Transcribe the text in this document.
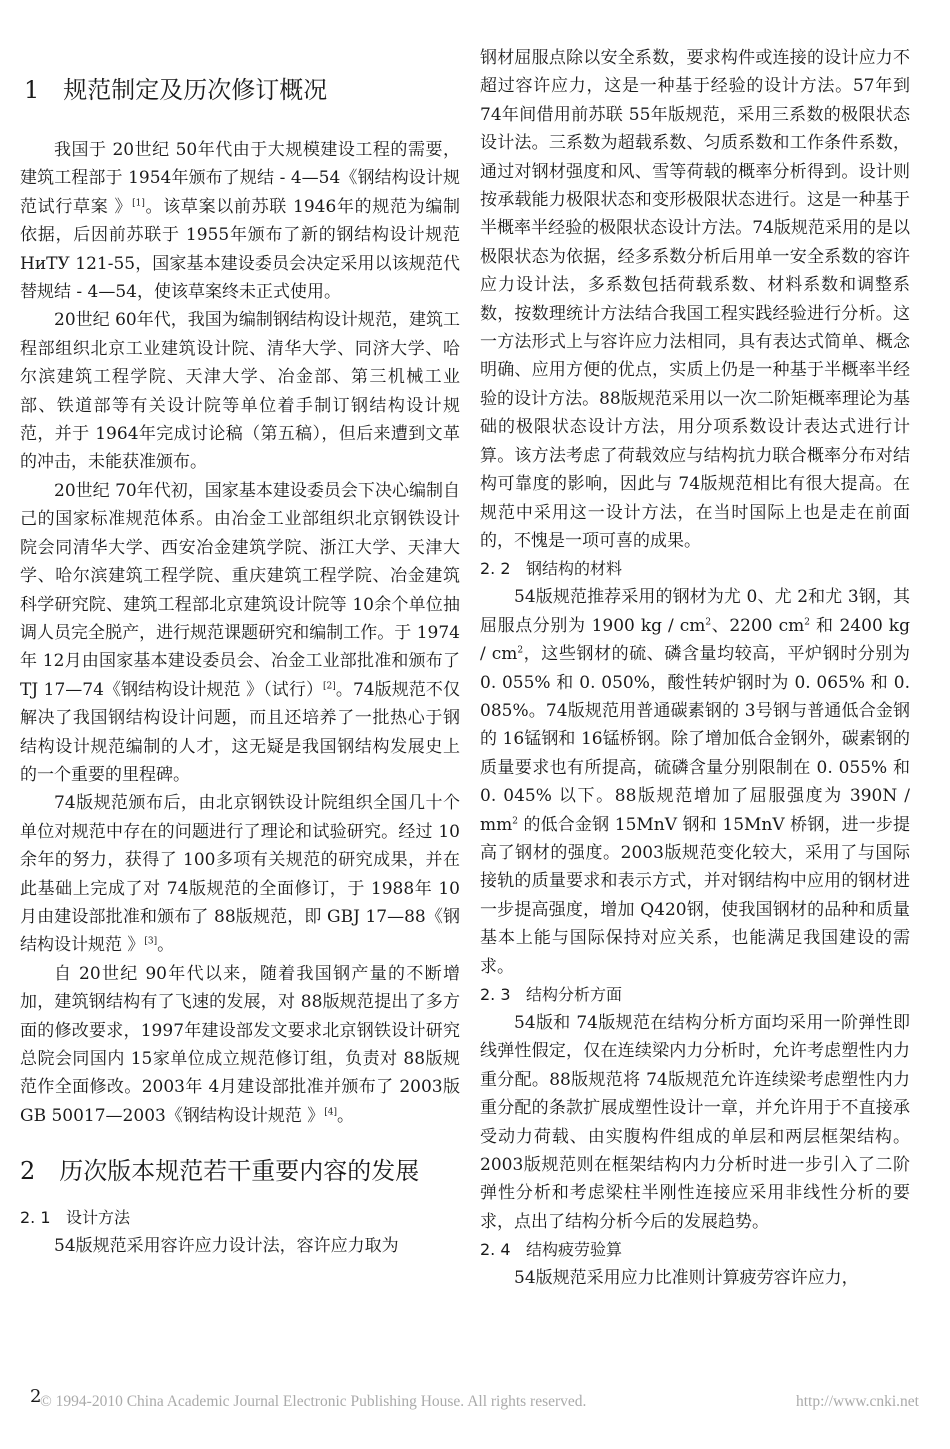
1　规范制定及历次修订概况

我国于 20世纪 50年代由于大规模建设工程的需要，建筑工程部于 1954年颁布了规结 - 4—54《钢结构设计规范试行草案 》[1]。该草案以前苏联 1946年的规范为编制依据，后因前苏联于 1955年颁布了新的钢结构设计规范 НиТУ 121-55，国家基本建设委员会决定采用以该规范代替规结 - 4—54，使该草案终未正式使用。

20世纪 60年代，我国为编制钢结构设计规范，建筑工程部组织北京工业建筑设计院、清华大学、同济大学、哈尔滨建筑工程学院、天津大学、冶金部、第三机械工业部、铁道部等有关设计院等单位着手制订钢结构设计规范，并于 1964年完成讨论稿（第五稿），但后来遭到文革的冲击，未能获准颁布。

20世纪 70年代初，国家基本建设委员会下决心编制自己的国家标准规范体系。由冶金工业部组织北京钢铁设计院会同清华大学、西安冶金建筑学院、浙江大学、天津大学、哈尔滨建筑工程学院、重庆建筑工程学院、冶金建筑科学研究院、建筑工程部北京建筑设计院等 10余个单位抽调人员完全脱产，进行规范课题研究和编制工作。于 1974年 12月由国家基本建设委员会、冶金工业部批准和颁布了 TJ 17—74《钢结构设计规范 》（试行）[2]。74版规范不仅解决了我国钢结构设计问题，而且还培养了一批热心于钢结构设计规范编制的人才，这无疑是我国钢结构发展史上的一个重要的里程碑。

74版规范颁布后，由北京钢铁设计院组织全国几十个单位对规范中存在的问题进行了理论和试验研究。经过 10余年的努力，获得了 100多项有关规范的研究成果，并在此基础上完成了对 74版规范的全面修订，于 1988年 10月由建设部批准和颁布了 88版规范，即 GBJ 17—88《钢结构设计规范 》[3]。

自 20世纪 90年代以来，随着我国钢产量的不断增加，建筑钢结构有了飞速的发展，对 88版规范提出了多方面的修改要求，1997年建设部发文要求北京钢铁设计研究总院会同国内 15家单位成立规范修订组，负责对 88版规范作全面修改。2003年 4月建设部批准并颁布了 2003版 GB 50017—2003《钢结构设计规范 》[4]。

2　历次版本规范若干重要内容的发展
2. 1 设计方法

54版规范采用容许应力设计法，容许应力取为

钢材屈服点除以安全系数，要求构件或连接的设计应力不超过容许应力，这是一种基于经验的设计方法。57年到 74年间借用前苏联 55年版规范，采用三系数的极限状态设计法。三系数为超载系数、匀质系数和工作条件系数，通过对钢材强度和风、雪等荷载的概率分析得到。设计则按承载能力极限状态和变形极限状态进行。这是一种基于半概率半经验的极限状态设计方法。74版规范采用的是以极限状态为依据，经多系数分析后用单一安全系数的容许应力设计法，多系数包括荷载系数、材料系数和调整系数，按数理统计方法结合我国工程实践经验进行分析。这一方法形式上与容许应力法相同，具有表达式简单、概念明确、应用方便的优点，实质上仍是一种基于半概率半经验的设计方法。88版规范采用以一次二阶矩概率理论为基础的极限状态设计方法，用分项系数设计表达式进行计算。该方法考虑了荷载效应与结构抗力联合概率分布对结构可靠度的影响，因此与 74版规范相比有很大提高。在规范中采用这一设计方法，在当时国际上也是走在前面的，不愧是一项可喜的成果。

2. 2 钢结构的材料

54版规范推荐采用的钢材为尤 0、尤 2和尤 3钢，其屈服点分别为 1900 kg / $cm^2$、2200 $cm^2$ 和 2400 kg / $cm^2$，这些钢材的硫、磷含量均较高，平炉钢时分别为 0. 055% 和 0. 050%，酸性转炉钢时为 0. 065% 和 0. 085%。74版规范用普通碳素钢的 3号钢与普通低合金钢的 16锰钢和 16锰桥钢。除了增加低合金钢外，碳素钢的质量要求也有所提高，硫磷含量分别限制在 0. 055% 和 0. 045% 以下。88版规范增加了屈服强度为 $390N / mm^2$ 的低合金钢 15MnV 钢和 15MnV 桥钢，进一步提高了钢材的强度。2003版规范变化较大，采用了与国际接轨的质量要求和表示方式，并对钢结构中应用的钢材进一步提高强度，增加 Q420钢，使我国钢材的品种和质量基本上能与国际保持对应关系，也能满足我国建设的需求。

2. 3 结构分析方面

54版和 74版规范在结构分析方面均采用一阶弹性即线弹性假定，仅在连续梁内力分析时，允许考虑塑性内力重分配。88版规范将 74版规范允许连续梁考虑塑性内力重分配的条款扩展成塑性设计一章，并允许用于不直接承受动力荷载、由实腹构件组成的单层和两层框架结构。2003版规范则在框架结构内力分析时进一步引入了二阶弹性分析和考虑梁柱半刚性连接应采用非线性分析的要求，点出了结构分析今后的发展趋势。

2. 4 结构疲劳验算

54版规范采用应力比准则计算疲劳容许应力，

2
© 1994-2010 China Academic Journal Electronic Publishing House. All rights reserved.	http://www.cnki.net
